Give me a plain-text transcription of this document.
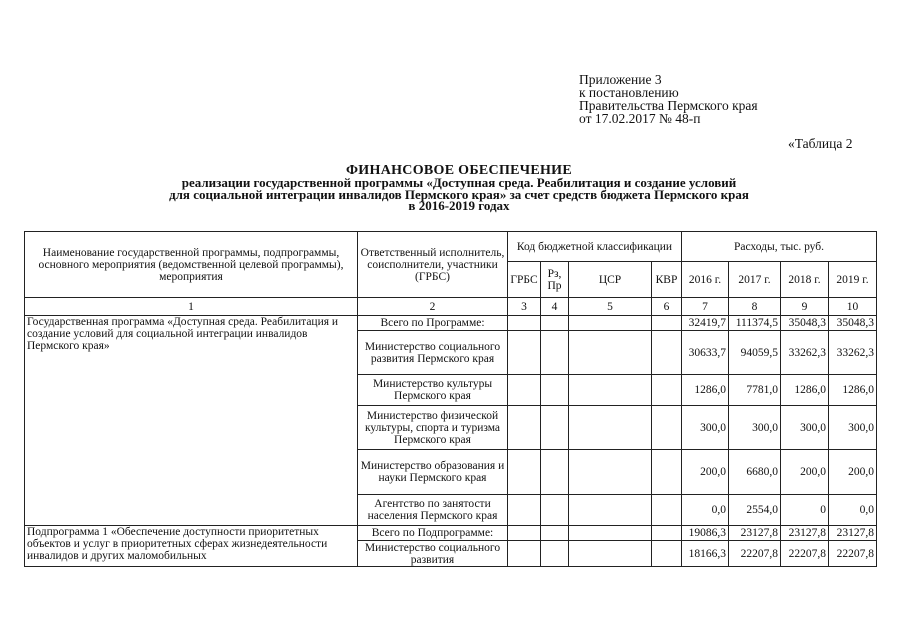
Приложение 3
к постановлению
Правительства Пермского края
от 17.02.2017 № 48-п
«Таблица 2
ФИНАНСОВОЕ ОБЕСПЕЧЕНИЕ
реализации государственной программы «Доступная среда. Реабилитация и создание условий
для социальной интеграции инвалидов Пермского края» за счет средств бюджета Пермского края
в 2016-2019 годах
Наименование государственной программы, подпрограммы, основного мероприятия (ведомственной целевой программы), мероприятия	Ответственный исполнитель, соисполнители, участники (ГРБС)	Код бюджетной классификации				Расходы, тыс. руб.			
		ГРБС	Рз, Пр	ЦСР	КВР	2016 г.	2017 г.	2018 г.	2019 г.
1	2	3	4	5	6	7	8	9	10
Государственная программа «Доступная среда. Реабилитация и создание условий для социальной интеграции инвалидов Пермского края»	Всего по Программе:					32419,7	111374,5	35048,3	35048,3
	Министерство социального развития Пермского края					30633,7	94059,5	33262,3	33262,3
	Министерство культуры Пермского края					1286,0	7781,0	1286,0	1286,0
	Министерство физической культуры, спорта и туризма Пермского края					300,0	300,0	300,0	300,0
	Министерство образования и науки Пермского края					200,0	6680,0	200,0	200,0
	Агентство по занятости населения Пермского края					0,0	2554,0	0	0,0
Подпрограмма 1 «Обеспечение доступности приоритетных объектов и услуг в приоритетных сферах жизнедеятельности инвалидов и других маломобильных	Всего по Подпрограмме:					19086,3	23127,8	23127,8	23127,8
	Министерство социального развития					18166,3	22207,8	22207,8	22207,8
